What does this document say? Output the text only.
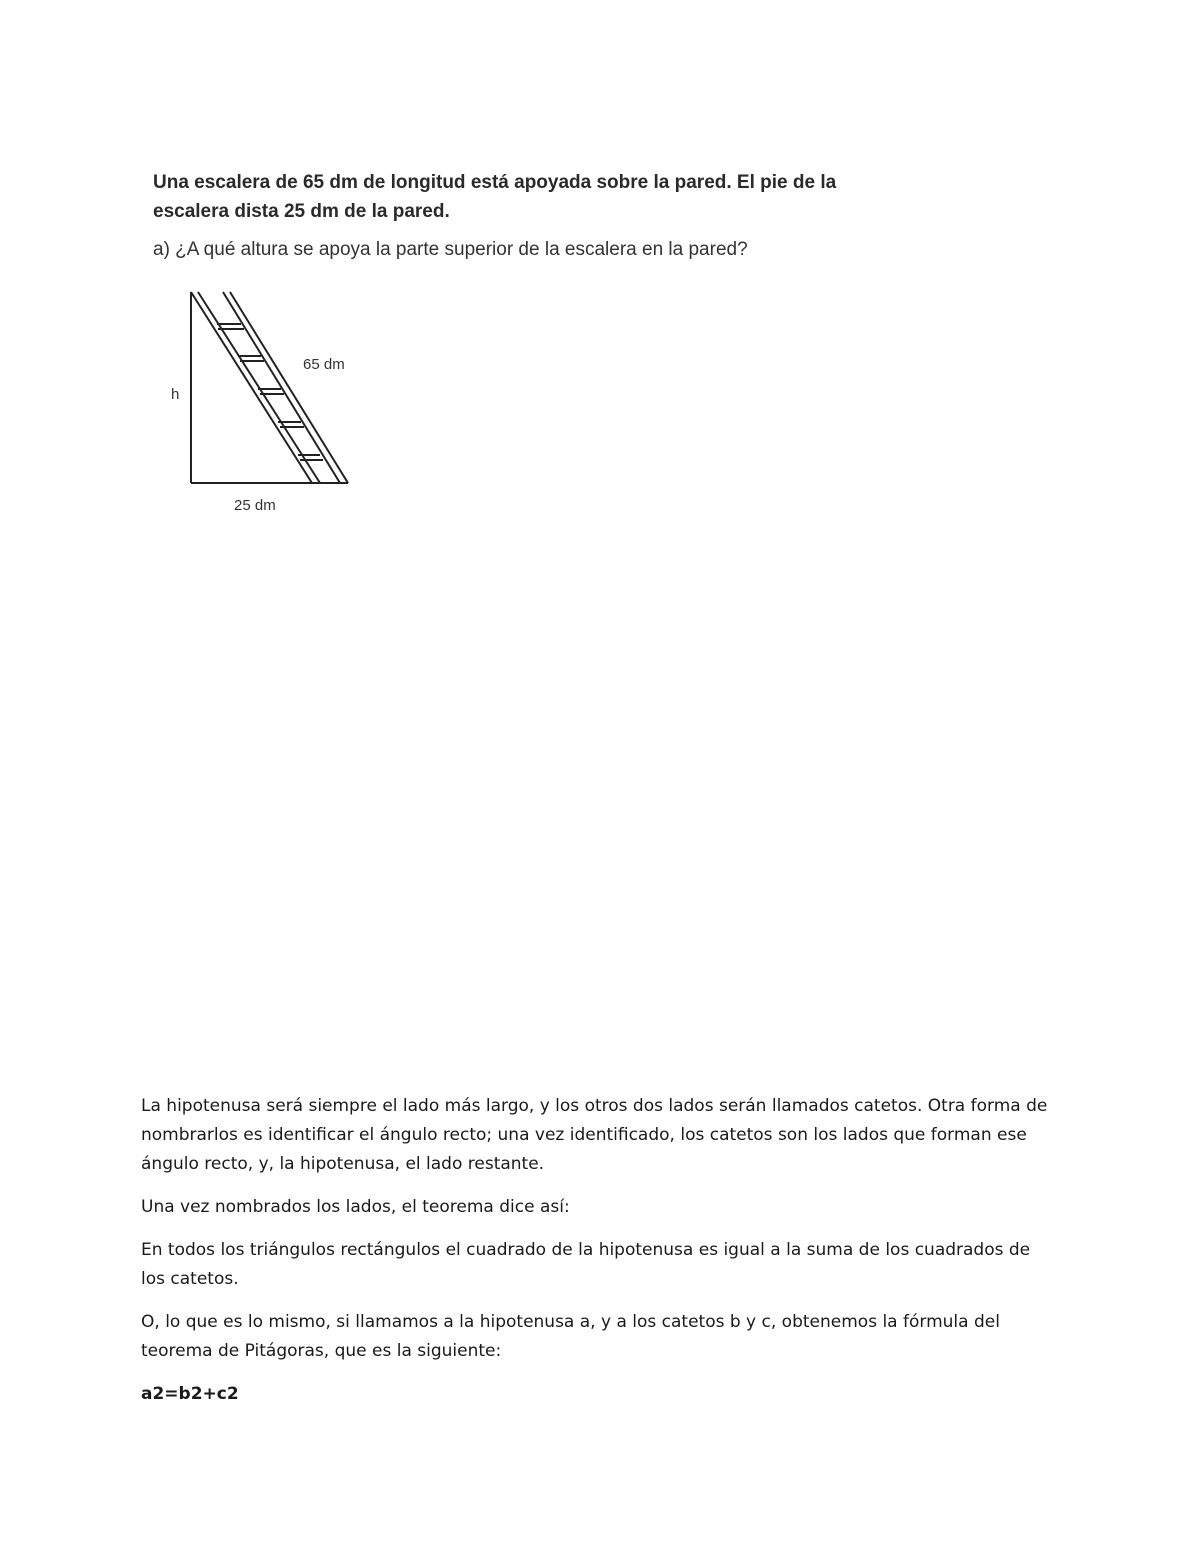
Una escalera de 65 dm de longitud está apoyada sobre la pared. El pie de la escalera dista 25 dm de la pared.

a) ¿A qué altura se apoya la parte superior de la escalera en la pared?

h
65 dm
25 dm

La hipotenusa será siempre el lado más largo, y los otros dos lados serán llamados catetos. Otra forma de nombrarlos es identificar el ángulo recto; una vez identificado, los catetos son los lados que forman ese ángulo recto, y, la hipotenusa, el lado restante.

Una vez nombrados los lados, el teorema dice así:

En todos los triángulos rectángulos el cuadrado de la hipotenusa es igual a la suma de los cuadrados de los catetos.

O, lo que es lo mismo, si llamamos a la hipotenusa a, y a los catetos b y c, obtenemos la fórmula del teorema de Pitágoras, que es la siguiente:

a2=b2+c2
